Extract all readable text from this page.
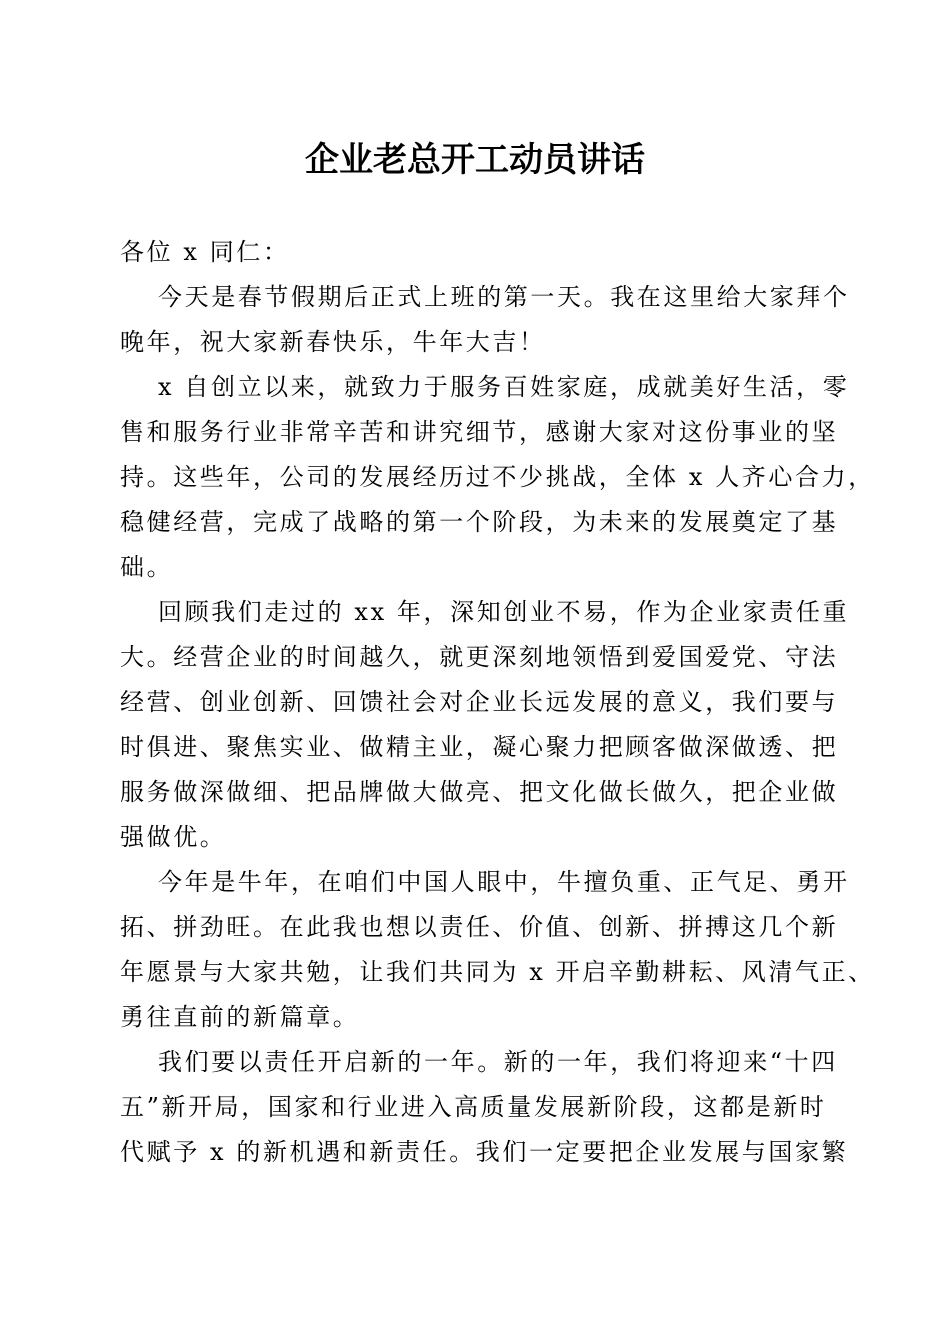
企业老总开工动员讲话
各位 x 同仁：
今天是春节假期后正式上班的第一天。我在这里给大家拜个
晚年，祝大家新春快乐，牛年大吉！
x 自创立以来，就致力于服务百姓家庭，成就美好生活，零
售和服务行业非常辛苦和讲究细节，感谢大家对这份事业的坚
持。这些年，公司的发展经历过不少挑战，全体 x 人齐心合力，
稳健经营，完成了战略的第一个阶段，为未来的发展奠定了基
础。
回顾我们走过的 xx 年，深知创业不易，作为企业家责任重
大。经营企业的时间越久，就更深刻地领悟到爱国爱党、守法
经营、创业创新、回馈社会对企业长远发展的意义，我们要与
时俱进、聚焦实业、做精主业，凝心聚力把顾客做深做透、把
服务做深做细、把品牌做大做亮、把文化做长做久，把企业做
强做优。
今年是牛年，在咱们中国人眼中，牛擅负重、正气足、勇开
拓、拼劲旺。在此我也想以责任、价值、创新、拼搏这几个新
年愿景与大家共勉，让我们共同为 x 开启辛勤耕耘、风清气正、
勇往直前的新篇章。
我们要以责任开启新的一年。新的一年，我们将迎来“十四
五”新开局，国家和行业进入高质量发展新阶段，这都是新时
代赋予 x 的新机遇和新责任。我们一定要把企业发展与国家繁
